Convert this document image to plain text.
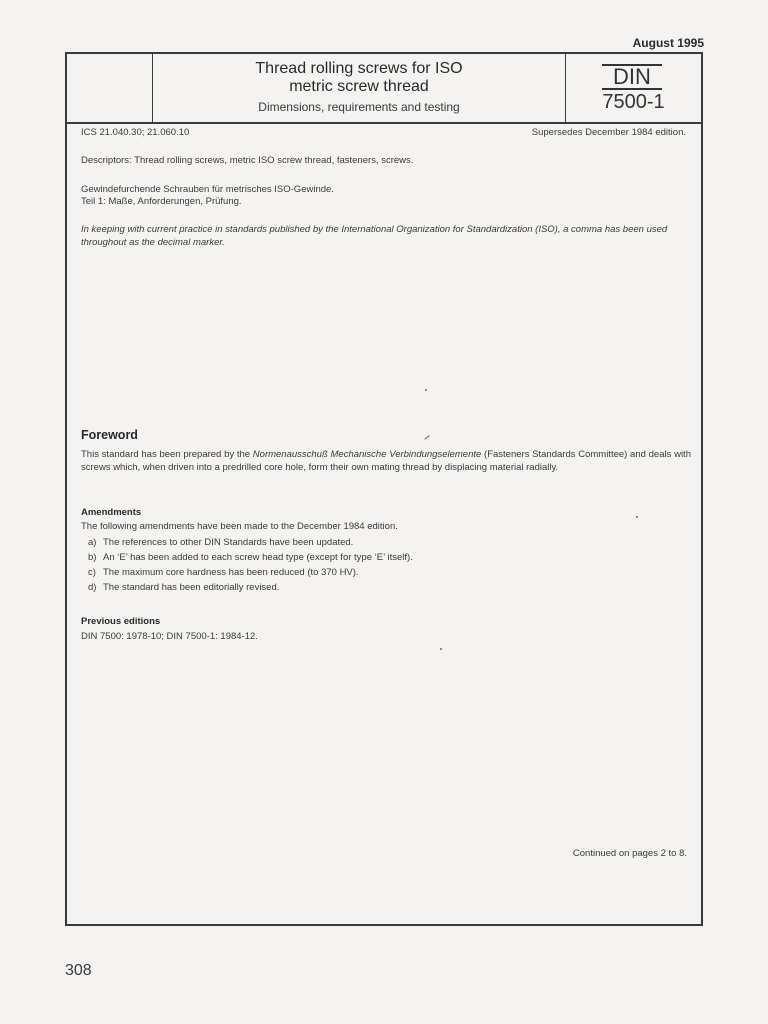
August 1995
Thread rolling screws for ISO
metric screw thread
Dimensions, requirements and testing
DIN
7500-1
ICS 21.040.30; 21.060.10	Supersedes December 1984 edition.
Descriptors: Thread rolling screws, metric ISO screw thread, fasteners, screws.
Gewindefurchende Schrauben für metrisches ISO-Gewinde.
Teil 1: Maße, Anforderungen, Prüfung.
In keeping with current practice in standards published by the International Organization for Standardization (ISO), a comma has been used throughout as the decimal marker.
Foreword
This standard has been prepared by the Normenausschuß Mechanische Verbindungselemente (Fasteners Standards Committee) and deals with screws which, when driven into a predrilled core hole, form their own mating thread by displacing material radially.
Amendments
The following amendments have been made to the December 1984 edition.
a) The references to other DIN Standards have been updated.
b) An ‘E’ has been added to each screw head type (except for type ‘E’ itself).
c) The maximum core hardness has been reduced (to 370 HV).
d) The standard has been editorially revised.
Previous editions
DIN 7500: 1978-10; DIN 7500-1: 1984-12.
Continued on pages 2 to 8.
308
